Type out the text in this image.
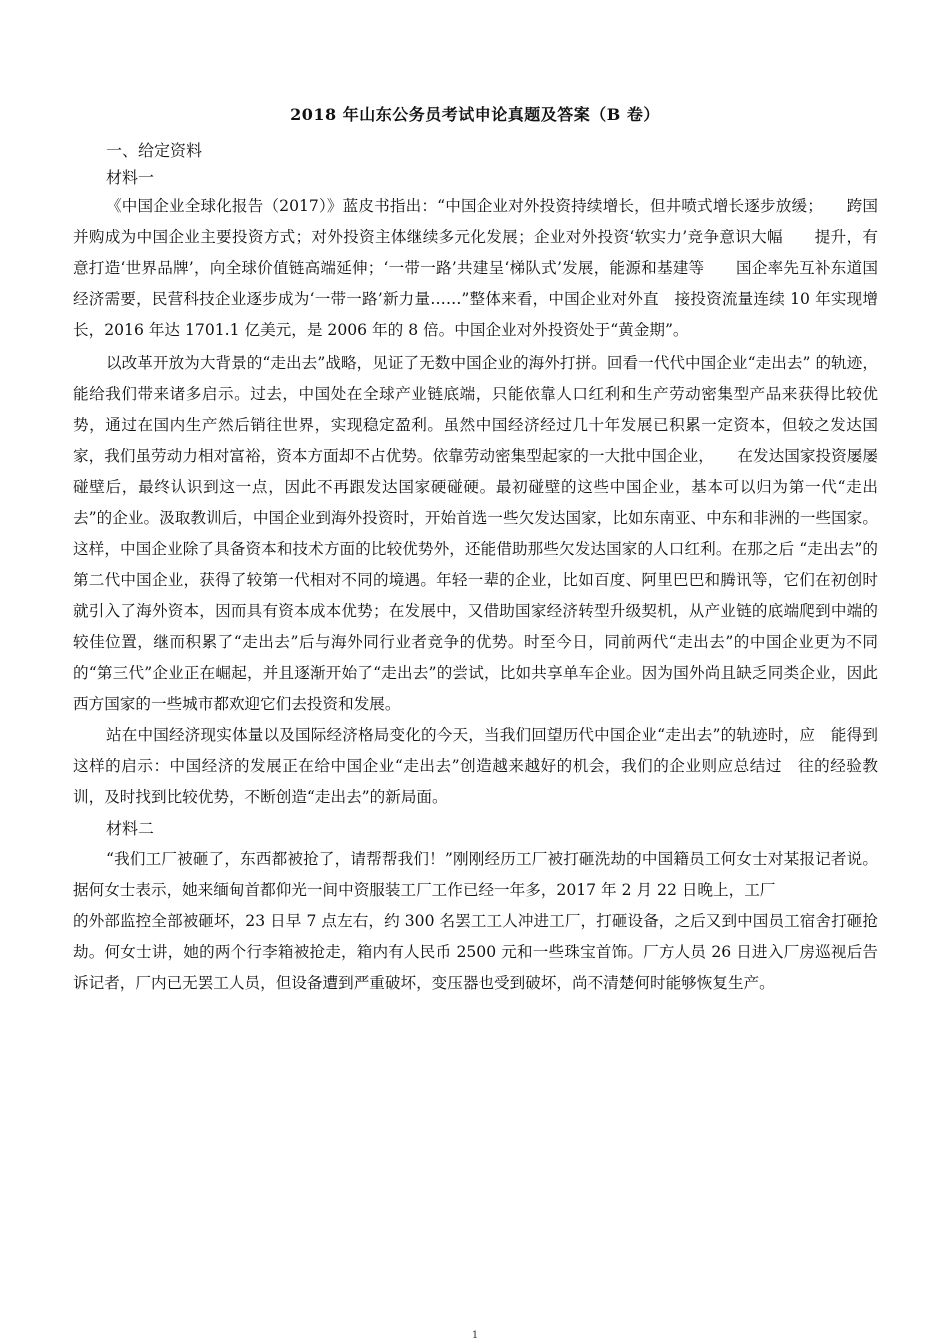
2018 年山东公务员考试申论真题及答案（B 卷）

一、给定资料

材料一

《中国企业全球化报告（2017）》蓝皮书指出：“中国企业对外投资持续增长，但井喷式增长逐步放缓；　　跨国并购成为中国企业主要投资方式；对外投资主体继续多元化发展；企业对外投资‘软实力’竞争意识大幅　　提升，有意打造‘世界品牌’，向全球价值链高端延伸；‘一带一路’共建呈‘梯队式’发展，能源和基建等　　国企率先互补东道国经济需要，民营科技企业逐步成为‘一带一路’新力量……”整体来看，中国企业对外直　接投资流量连续 10 年实现增长，2016 年达 1701.1 亿美元，是 2006 年的 8 倍。中国企业对外投资处于“黄金期”。

以改革开放为大背景的“走出去”战略，见证了无数中国企业的海外打拼。回看一代代中国企业“走出去” 的轨迹，能给我们带来诸多启示。过去，中国处在全球产业链底端，只能依靠人口红利和生产劳动密集型产品来获得比较优势，通过在国内生产然后销往世界，实现稳定盈利。虽然中国经济经过几十年发展已积累一定资本，但较之发达国家，我们虽劳动力相对富裕，资本方面却不占优势。依靠劳动密集型起家的一大批中国企业，　　在发达国家投资屡屡碰壁后，最终认识到这一点，因此不再跟发达国家硬碰硬。最初碰壁的这些中国企业，基本可以归为第一代“走出去”的企业。汲取教训后，中国企业到海外投资时，开始首选一些欠发达国家，比如东南亚、中东和非洲的一些国家。这样，中国企业除了具备资本和技术方面的比较优势外，还能借助那些欠发达国家的人口红利。在那之后 “走出去”的第二代中国企业，获得了较第一代相对不同的境遇。年轻一辈的企业，比如百度、阿里巴巴和腾讯等，它们在初创时就引入了海外资本，因而具有资本成本优势；在发展中，又借助国家经济转型升级契机，从产业链的底端爬到中端的较佳位置，继而积累了“走出去”后与海外同行业者竞争的优势。时至今日，同前两代“走出去”的中国企业更为不同的“第三代”企业正在崛起，并且逐渐开始了“走出去”的尝试，比如共享单车企业。因为国外尚且缺乏同类企业，因此西方国家的一些城市都欢迎它们去投资和发展。

站在中国经济现实体量以及国际经济格局变化的今天，当我们回望历代中国企业“走出去”的轨迹时，应　能得到这样的启示：中国经济的发展正在给中国企业“走出去”创造越来越好的机会，我们的企业则应总结过　往的经验教训，及时找到比较优势，不断创造“走出去”的新局面。

材料二

“我们工厂被砸了，东西都被抢了，请帮帮我们！”刚刚经历工厂被打砸洗劫的中国籍员工何女士对某报记者说。据何女士表示，她来缅甸首都仰光一间中资服装工厂工作已经一年多，2017 年 2 月 22 日晚上，工厂

的外部监控全部被砸坏，23 日早 7 点左右，约 300 名罢工工人冲进工厂，打砸设备，之后又到中国员工宿舍打砸抢劫。何女士讲，她的两个行李箱被抢走，箱内有人民币 2500 元和一些珠宝首饰。厂方人员 26 日进入厂房巡视后告诉记者，厂内已无罢工人员，但设备遭到严重破坏，变压器也受到破坏，尚不清楚何时能够恢复生产。

1
